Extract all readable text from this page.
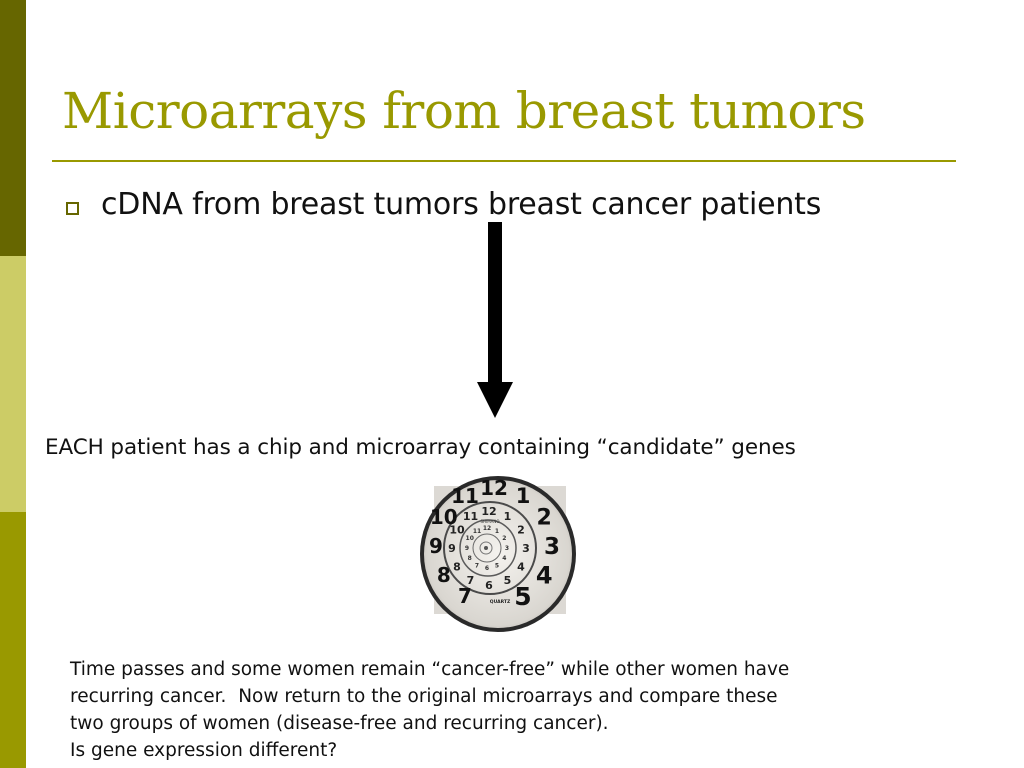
Microarrays from breast tumors
cDNA from breast tumors breast cancer patients
EACH patient has a chip and microarray containing “candidate” genes
11 12 1
2
3
4
5
10
9
8
7
10
11 12 1
2
3
4
5
6
7
8
9
11 12 1
2
3
4
5
6
7
8
9
10
SHIMANO
QUARTZ
Time passes and some women remain “cancer-free” while other women have
recurring cancer.  Now return to the original microarrays and compare these
two groups of women (disease-free and recurring cancer).
Is gene expression different?
